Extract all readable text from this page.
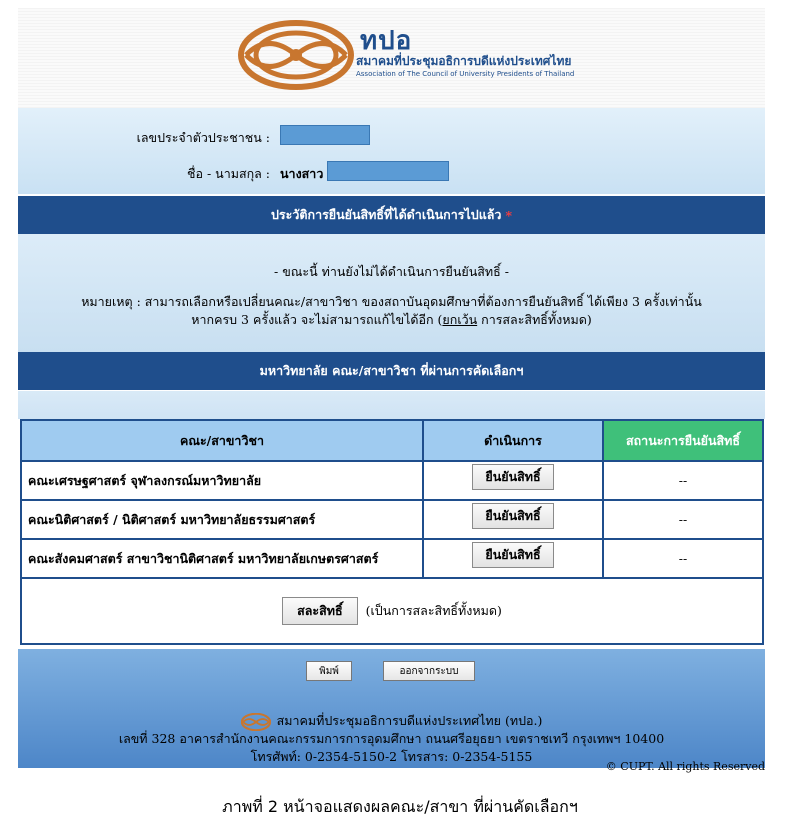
ทปอ
สมาคมที่ประชุมอธิการบดีแห่งประเทศไทย
Association of The Council of University Presidents of Thailand
เลขประจำตัวประชาชน :
ชื่อ - นามสกุล : นางสาว
ประวัติการยืนยันสิทธิ์ที่ได้ดำเนินการไปแล้ว *
- ขณะนี้ ท่านยังไม่ได้ดำเนินการยืนยันสิทธิ์ -
หมายเหตุ : สามารถเลือกหรือเปลี่ยนคณะ/สาขาวิชา ของสถาบันอุดมศึกษาที่ต้องการยืนยันสิทธิ์ ได้เพียง 3 ครั้งเท่านั้น
หากครบ 3 ครั้งแล้ว จะไม่สามารถแก้ไขได้อีก (ยกเว้น การสละสิทธิ์ทั้งหมด)
มหาวิทยาลัย คณะ/สาขาวิชา ที่ผ่านการคัดเลือกฯ
คณะ/สาขาวิชา	ดำเนินการ	สถานะการยืนยันสิทธิ์
คณะเศรษฐศาสตร์ จุฬาลงกรณ์มหาวิทยาลัย	ยืนยันสิทธิ์	--
คณะนิติศาสตร์ / นิติศาสตร์ มหาวิทยาลัยธรรมศาสตร์	ยืนยันสิทธิ์	--
คณะสังคมศาสตร์ สาขาวิชานิติศาสตร์ มหาวิทยาลัยเกษตรศาสตร์	ยืนยันสิทธิ์	--
สละสิทธิ์ (เป็นการสละสิทธิ์ทั้งหมด)		
พิมพ์	ออกจากระบบ
สมาคมที่ประชุมอธิการบดีแห่งประเทศไทย (ทปอ.)
เลขที่ 328 อาคารสำนักงานคณะกรรมการการอุดมศึกษา ถนนศรีอยุธยา เขตราชเทวี กรุงเทพฯ 10400
โทรศัพท์: 0-2354-5150-2 โทรสาร: 0-2354-5155
© CUPT. All rights Reserved
ภาพที่ 2 หน้าจอแสดงผลคณะ/สาขา ที่ผ่านคัดเลือกฯ
